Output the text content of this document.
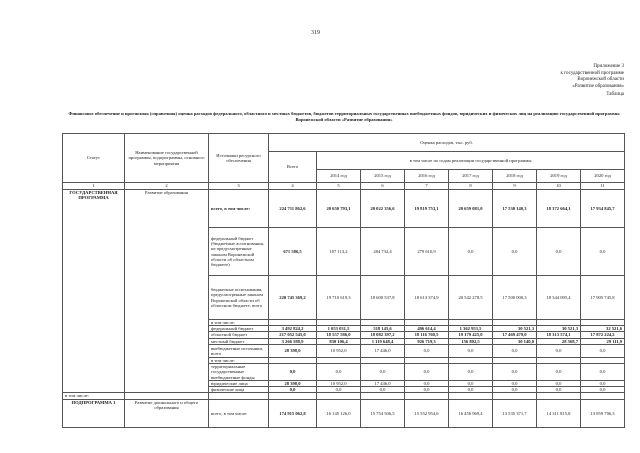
319
Приложение 3
к государственной программе
Воронежской области
«Развитие образования»
Таблица
Финансовое обеспечение и прогнозная (справочная) оценка расходов федерального, областного и местных бюджетов, бюджетов территориальных государственных внебюджетных фондов, юридических и физических лиц на реализацию государственной программы Воронежской области «Развитие образования»
Статус	Наименование государственной программы, подпрограммы, основного мероприятия	Источники ресурсного обеспечения	Оценка расходов, тыс. руб.							
			Всего	в том числе по годам реализации государственной программы						
				2014 год	2015 год	2016 год	2017 год	2018 год	2019 год	2020 год
1	2	3	4	5	6	7	8	9	10	11
ГОСУДАРСТВЕННАЯ ПРОГРАММА	Развитие образования	всего, в том числе:	224 711 862,6	20 650 793,1	20 022 356,6	19 819 753,1	20 659 081,0	17 530 140,3	18 372 664,1	17 934 845,7
		федеральный бюджет (бюджетные ассигнования, не предусмотренные законом Воронежской области об областном бюджете)	671 586,5	107 113,2	284 732,4	279 610,9	0,0	0,0	0,0	0,0
		бюджетные ассигнования, предусмотренные законом Воронежской области об областном бюджете, всего	220 745 369,2	19 710 619,3	18 600 537,8	18 613 374,9	20 542 278,5	17 500 000,3	18 344 095,4	17 905 745,8
		в том числе:								
		федеральный бюджет	3 492 824,2	1 053 031,5	518 145,6	496 614,4	1 362 953,5	30 521,3	30 521,3	32 521,6
		областной бюджет	217 052 545,0	18 557 586,0	18 082 397,2	18 116 760,5	19 179 425,0	17 469 479,0	18 313 574,1	17 872 224,2
		местный бюджет	3 266 588,9	830 106,4	1 119 648,4	926 719,3	156 802,5	30 140,0	28 568,7	29 111,9
		внебюджетные источники, всего	28 398,0	10 952,0	17 446,0	0,0	0,0	0,0	0,0	0,0
		в том числе:								
		территориальные государственные внебюджетные фонды	0,0	0,0	0,0	0,0	0,0	0,0	0,0	0,0
		юридические лица	28 398,0	10 952,0	17 446,0	0,0	0,0	0,0	0,0	0,0
		физические лица	0,0	0,0	0,0	0,0	0,0	0,0	0,0	0,0
в том числе:										
ПОДПРОГРАММА 1	Развитие дошкольного и общего образования	всего, в том числе:	174 915 062,8	16 145 126,0	15 754 506,5	15 552 954,6	16 456 969,4	13 535 371,7	14 311 815,8	13 859 706,3
